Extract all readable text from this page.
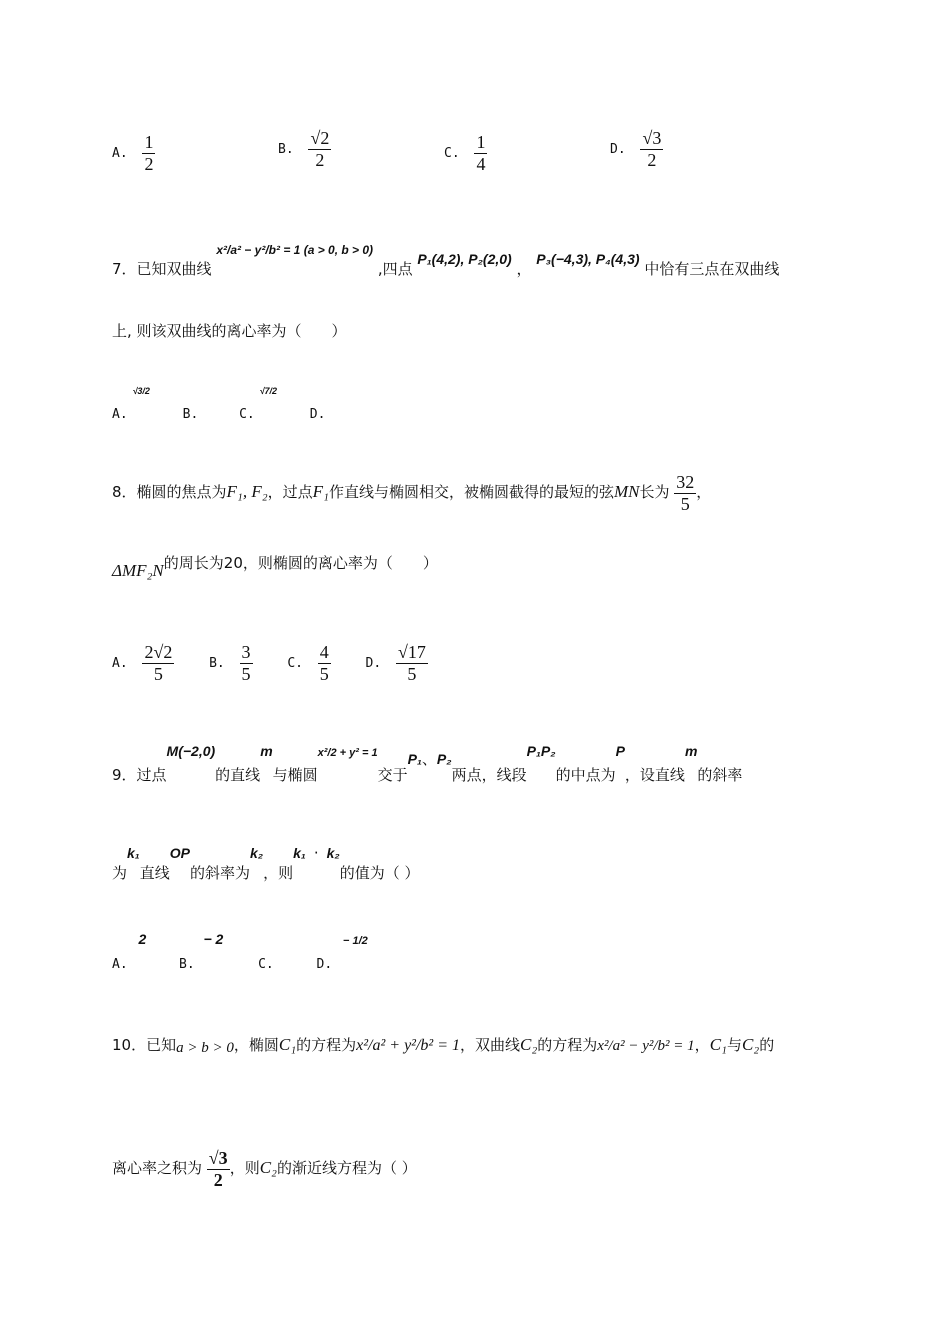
A. $\frac{1}{2}$	B. $\frac{√2}{2}$	C. $\frac{1}{4}$	D. $\frac{√3}{2}$
7．已知双曲线 $_{x^2/a^2 - y^2/b^2 = 1 (a > 0, b > 0)}$ ,四点 P₁(4,2), P₂(2,0) ， P₃(−4,3), P₄(4,3) 中恰有三点在双曲线
上, 则该双曲线的离心率为（　　）
A. √3/2 B.	C. √7/2 D.
8．椭圆的焦点为F₁, F₂，过点F₁作直线与椭圆相交，被椭圆截得的最短的弦MN长为 $\frac{32}{5}$ ，
ΔMF₂N的周长为20，则椭圆的离心率为（　　）
A. $\frac{2√2}{5}$	B. $\frac{3}{5}$	C. $\frac{4}{5}$	D. $\frac{√17}{5}$
9．过点M(−2,0)的直线m与椭圆x²/2 + y² = 1交于P₁、P₂两点，线段P₁P₂的中点为P，设直线m的斜率
为k₁直线OP的斜率为k₂，则k₁ · k₂的值为（ ）
A. 2 B. − 2 C.	D. − 1/2
10．已知a > b > 0，椭圆C₁的方程为x²/a² + y²/b² = 1，双曲线C₂的方程为x²/a² − y²/b² = 1，C₁与C₂的
离心率之积为 $\frac{√3}{2}$ ，则C₂的渐近线方程为（ ）
